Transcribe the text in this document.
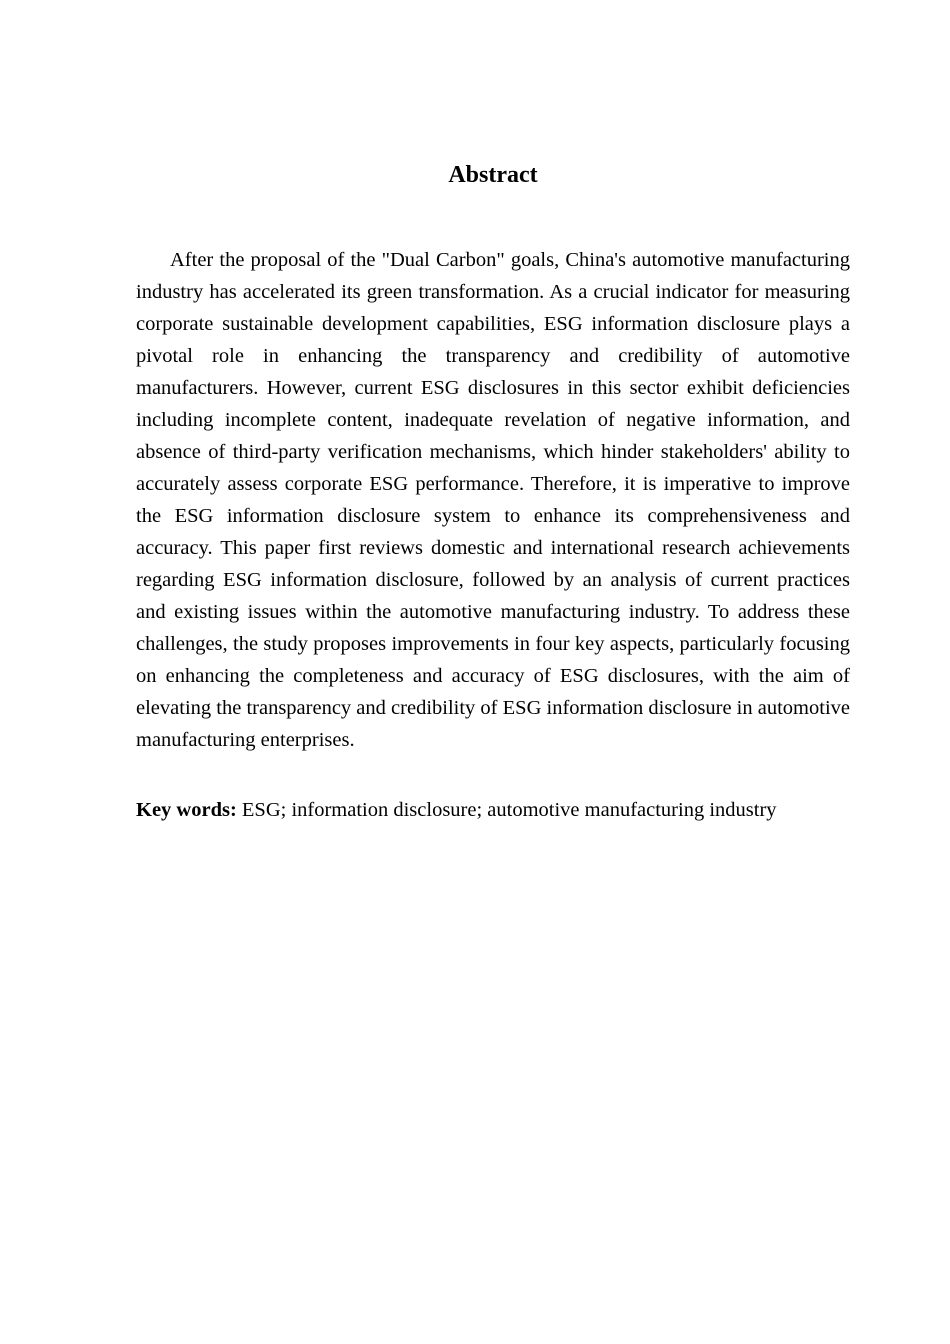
Abstract

After the proposal of the "Dual Carbon" goals, China's automotive manufacturing industry has accelerated its green transformation. As a crucial indicator for measuring corporate sustainable development capabilities, ESG information disclosure plays a pivotal role in enhancing the transparency and credibility of automotive manufacturers. However, current ESG disclosures in this sector exhibit deficiencies including incomplete content, inadequate revelation of negative information, and absence of third-party verification mechanisms, which hinder stakeholders' ability to accurately assess corporate ESG performance. Therefore, it is imperative to improve the ESG information disclosure system to enhance its comprehensiveness and accuracy. This paper first reviews domestic and international research achievements regarding ESG information disclosure, followed by an analysis of current practices and existing issues within the automotive manufacturing industry. To address these challenges, the study proposes improvements in four key aspects, particularly focusing on enhancing the completeness and accuracy of ESG disclosures, with the aim of elevating the transparency and credibility of ESG information disclosure in automotive manufacturing enterprises.

Key words: ESG; information disclosure; automotive manufacturing industry
